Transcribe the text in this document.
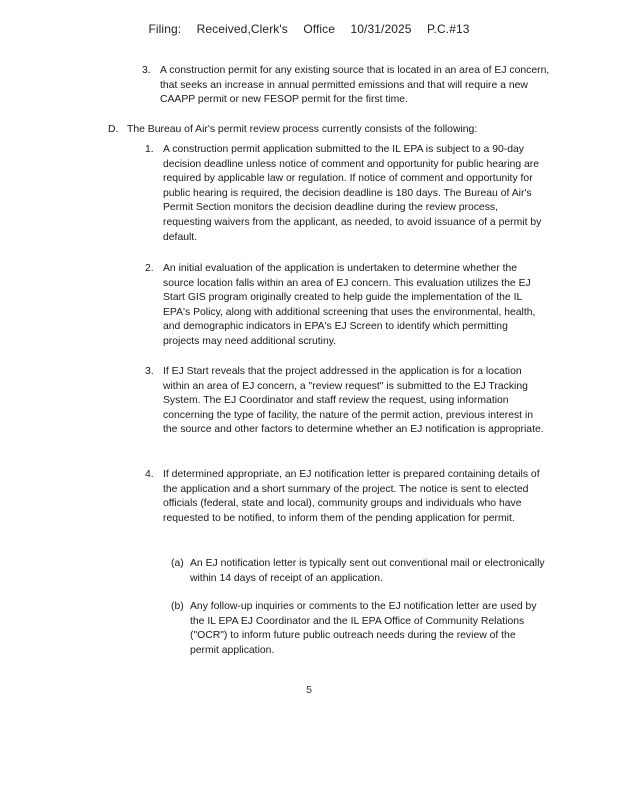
Filing: Received,Clerk's Office 10/31/2025 P.C.#13
3. A construction permit for any existing source that is located in an area of EJ concern, that seeks an increase in annual permitted emissions and that will require a new CAAPP permit or new FESOP permit for the first time.

D. The Bureau of Air's permit review process currently consists of the following:

1. A construction permit application submitted to the IL EPA is subject to a 90-day decision deadline unless notice of comment and opportunity for public hearing are required by applicable law or regulation. If notice of comment and opportunity for public hearing is required, the decision deadline is 180 days. The Bureau of Air's Permit Section monitors the decision deadline during the review process, requesting waivers from the applicant, as needed, to avoid issuance of a permit by default.

2. An initial evaluation of the application is undertaken to determine whether the source location falls within an area of EJ concern. This evaluation utilizes the EJ Start GIS program originally created to help guide the implementation of the IL EPA's Policy, along with additional screening that uses the environmental, health, and demographic indicators in EPA's EJ Screen to identify which permitting projects may need additional scrutiny.

3. If EJ Start reveals that the project addressed in the application is for a location within an area of EJ concern, a "review request" is submitted to the EJ Tracking System. The EJ Coordinator and staff review the request, using information concerning the type of facility, the nature of the permit action, previous interest in the source and other factors to determine whether an EJ notification is appropriate.

4. If determined appropriate, an EJ notification letter is prepared containing details of the application and a short summary of the project. The notice is sent to elected officials (federal, state and local), community groups and individuals who have requested to be notified, to inform them of the pending application for permit.

(a) An EJ notification letter is typically sent out conventional mail or electronically within 14 days of receipt of an application.

(b) Any follow-up inquiries or comments to the EJ notification letter are used by the IL EPA EJ Coordinator and the IL EPA Office of Community Relations ("OCR") to inform future public outreach needs during the review of the permit application.

5
